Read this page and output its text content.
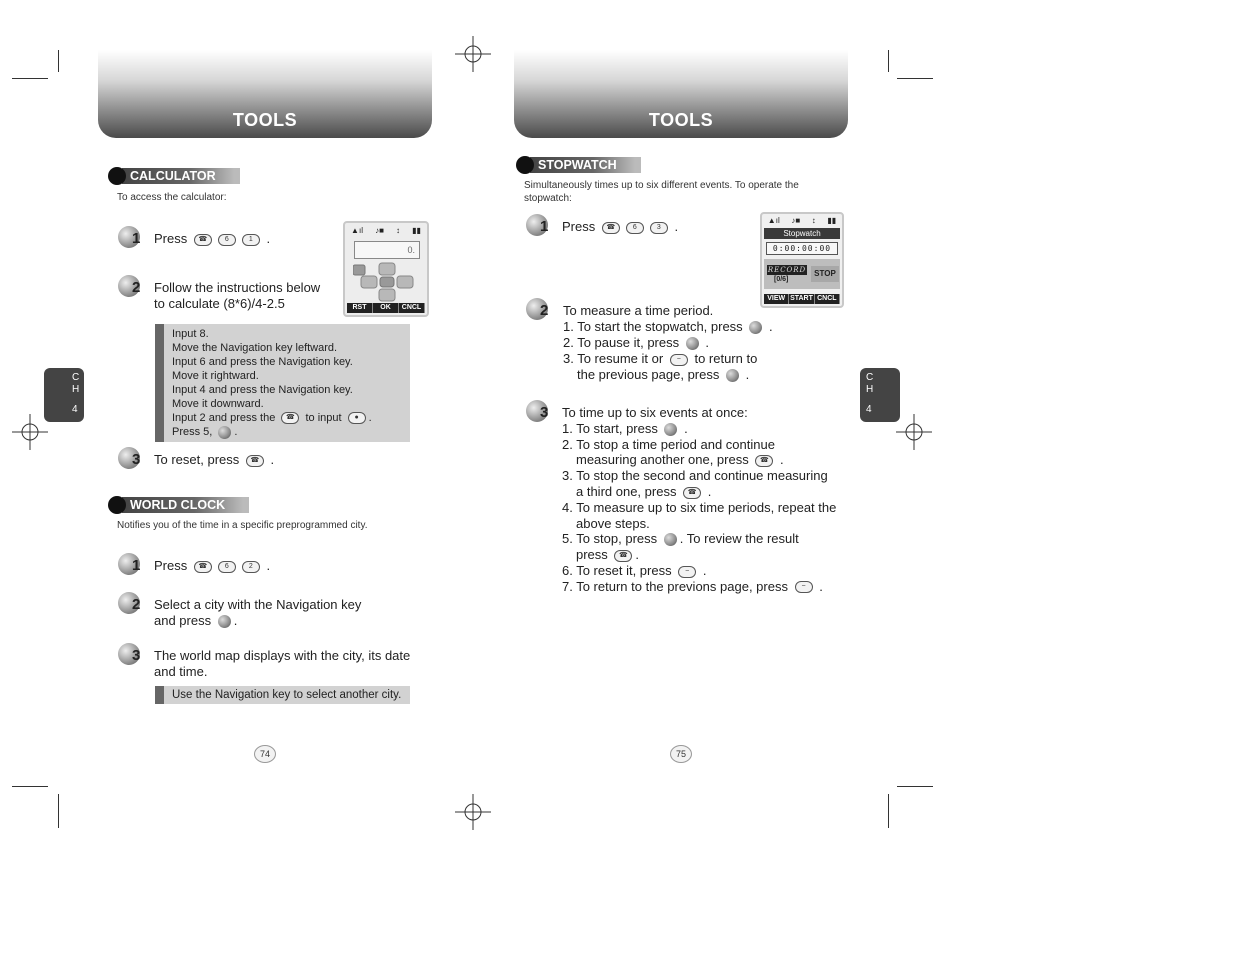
TOOLS
CALCULATOR
To access the calculator:
1 Press ☎	6	1 .
2 Follow the instructions below
to calculate (8*6)/4-2.5
▲ıl ♪■ ↕ ▮▮
0.
RST	OK	CNCL
Input 8.
Move the Navigation key leftward.
Input 6 and press the Navigation key.
Move it rightward.
Input 4 and press the Navigation key.
Move it downward.
Input 2 and press the ☎ to input ● .
Press 5, .
3 To reset, press ☎ .
WORLD CLOCK
Notifies you of the time in a specific preprogrammed city.
1 Press ☎	6	2 .
2 Select a city with the Navigation key
and press .
3 The world map displays with the city, its date
and time.
Use the Navigation key to select another city.
C
H
4
74
TOOLS
STOPWATCH
Simultaneously times up to six different events. To operate the
stopwatch:
1 Press ☎	6	3 .	▲ıl ♪■ ↕ ▮▮
Stopwatch
0:00:00:00
RECORD
[0/6]
STOP
VIEW START CNCL
2 To measure a time period.
1. To start the stopwatch, press .
2. To pause it, press .
3. To resume it or − to return to
the previous page, press .
3 To time up to six events at once:
1. To start, press .
2. To stop a time period and continue
measuring another one, press ☎ .
3. To stop the second and continue measuring
a third one, press ☎ .
4. To measure up to six time periods, repeat the
above steps.
5. To stop, press . To review the result
press ☎ .
6. To reset it, press − .
7. To return to the previons page, press − .
C
H
4
75
